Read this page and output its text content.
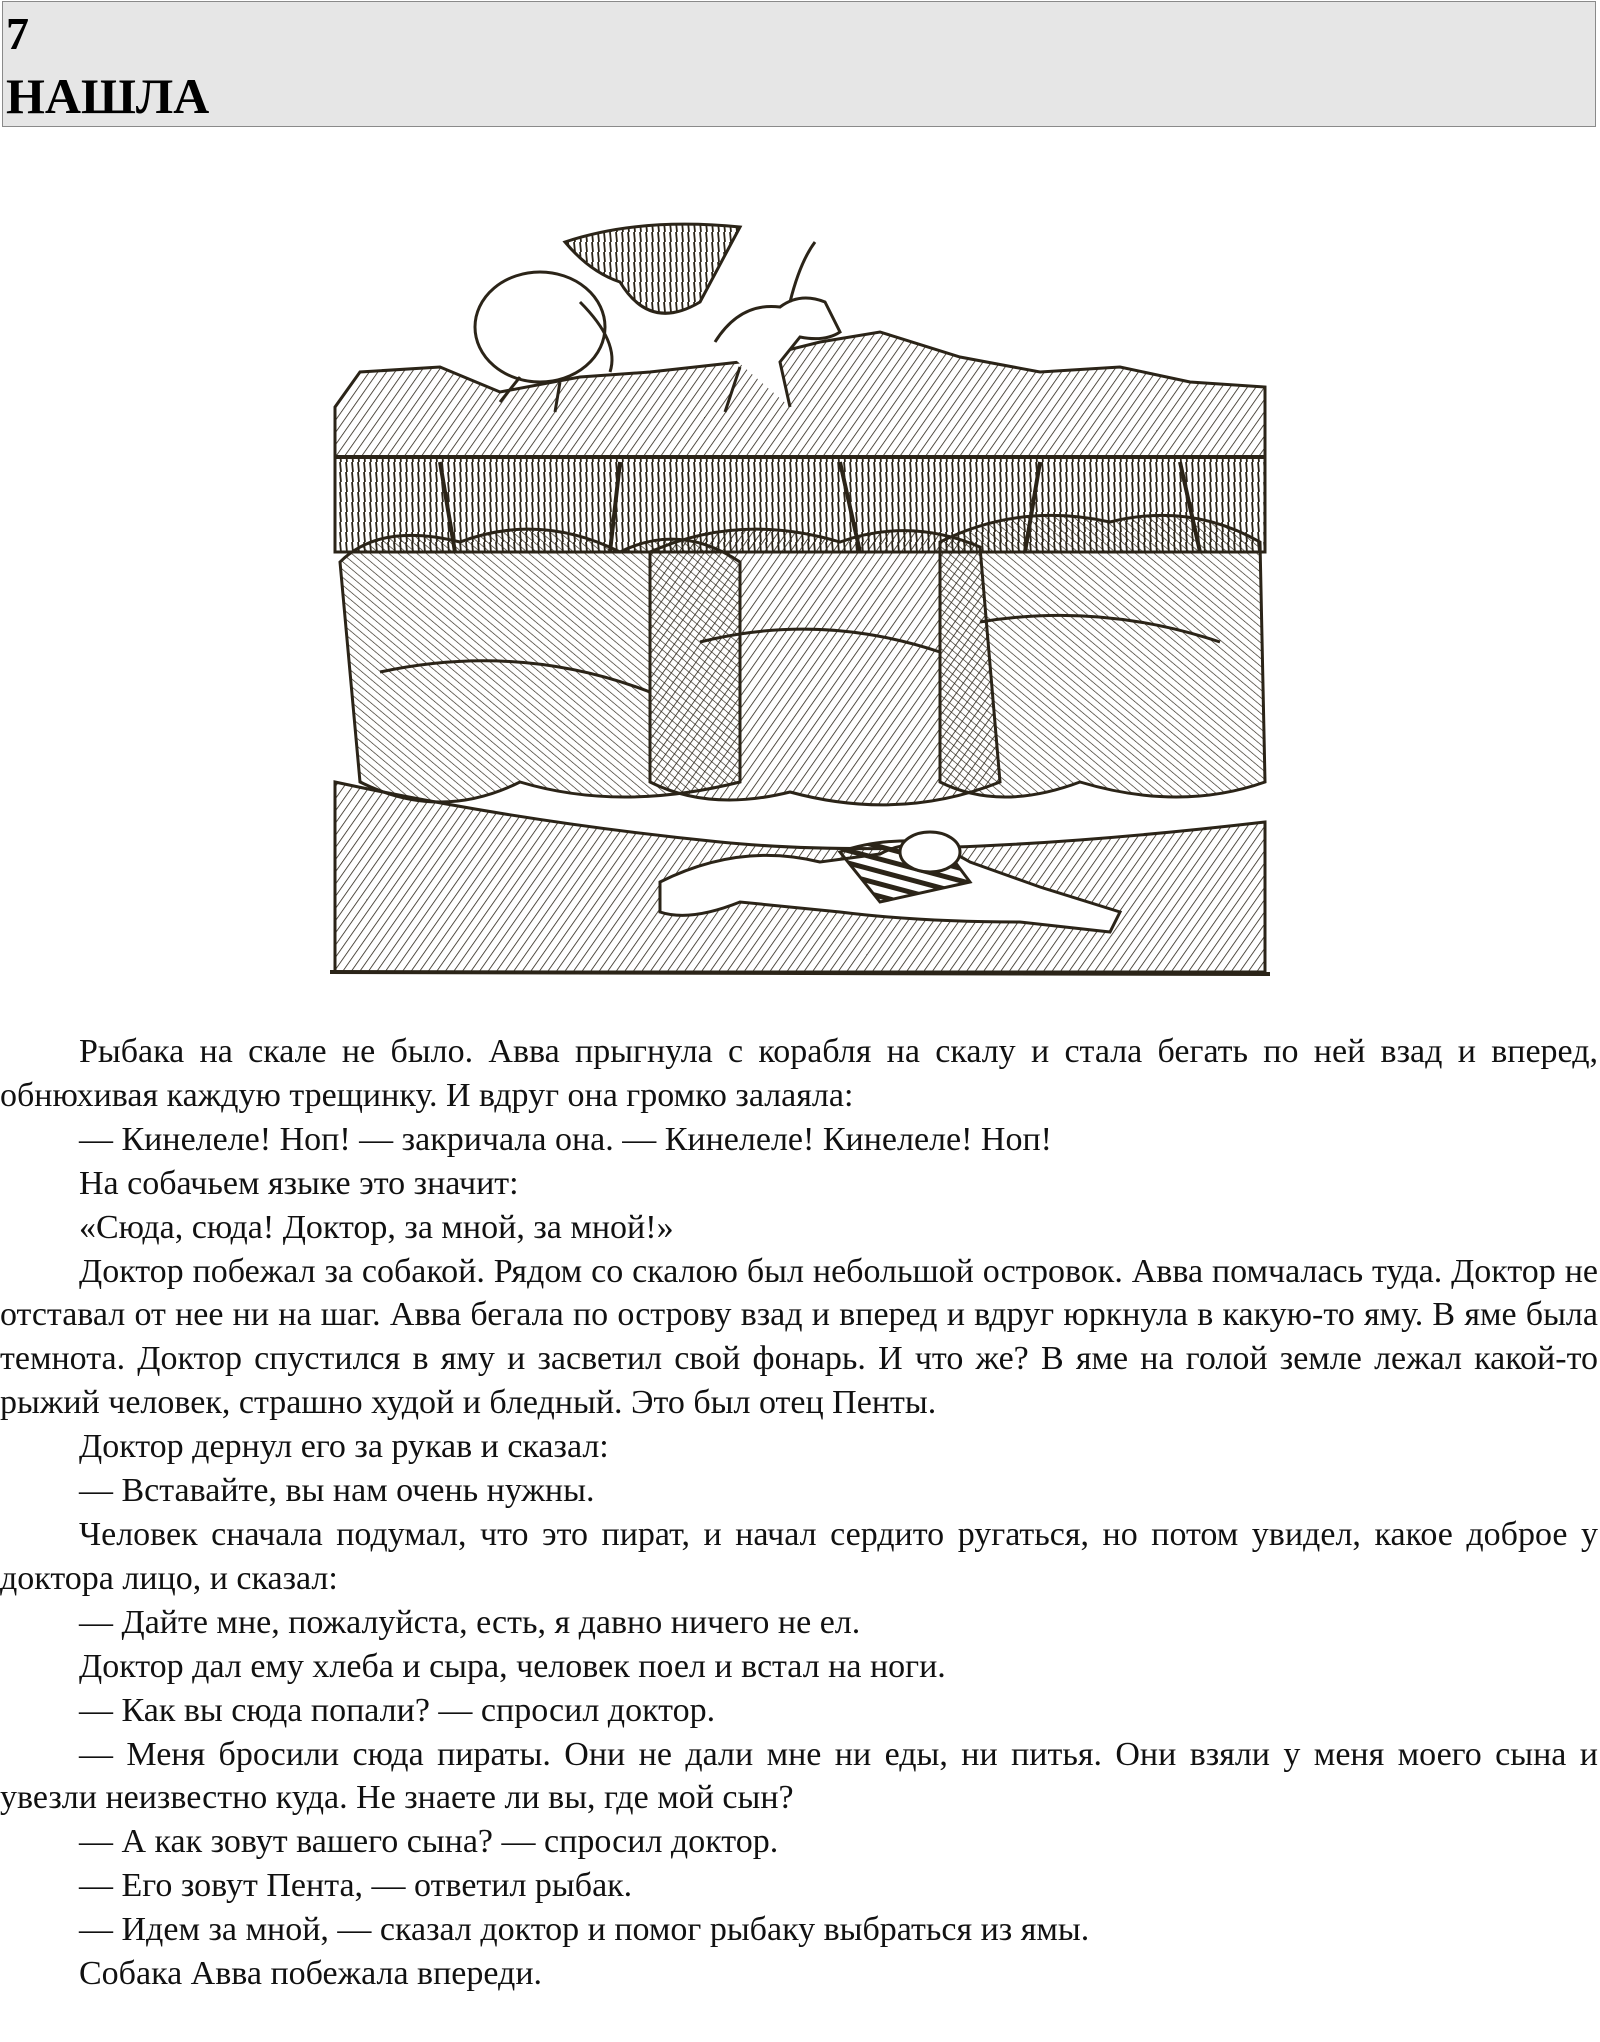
7
НАШЛА

Рыбака на скале не было. Авва прыгнула с корабля на скалу и стала бегать по ней взад и вперед, обнюхивая каждую трещинку. И вдруг она громко залаяла:

— Кинелеле! Ноп! — закричала она. — Кинелеле! Кинелеле! Ноп!

На собачьем языке это значит:

«Сюда, сюда! Доктор, за мной, за мной!»

Доктор побежал за собакой. Рядом со скалою был небольшой островок. Авва помчалась туда. Доктор не отставал от нее ни на шаг. Авва бегала по острову взад и вперед и вдруг юркнула в какую-то яму. В яме была темнота. Доктор спустился в яму и засветил свой фонарь. И что же? В яме на голой земле лежал какой-то рыжий человек, страшно худой и бледный. Это был отец Пенты.

Доктор дернул его за рукав и сказал:

— Вставайте, вы нам очень нужны.

Человек сначала подумал, что это пират, и начал сердито ругаться, но потом увидел, какое доброе у доктора лицо, и сказал:

— Дайте мне, пожалуйста, есть, я давно ничего не ел.

Доктор дал ему хлеба и сыра, человек поел и встал на ноги.

— Как вы сюда попали? — спросил доктор.

— Меня бросили сюда пираты. Они не дали мне ни еды, ни питья. Они взяли у меня моего сына и увезли неизвестно куда. Не знаете ли вы, где мой сын?

— А как зовут вашего сына? — спросил доктор.

— Его зовут Пента, — ответил рыбак.

— Идем за мной, — сказал доктор и помог рыбаку выбраться из ямы.

Собака Авва побежала впереди.
